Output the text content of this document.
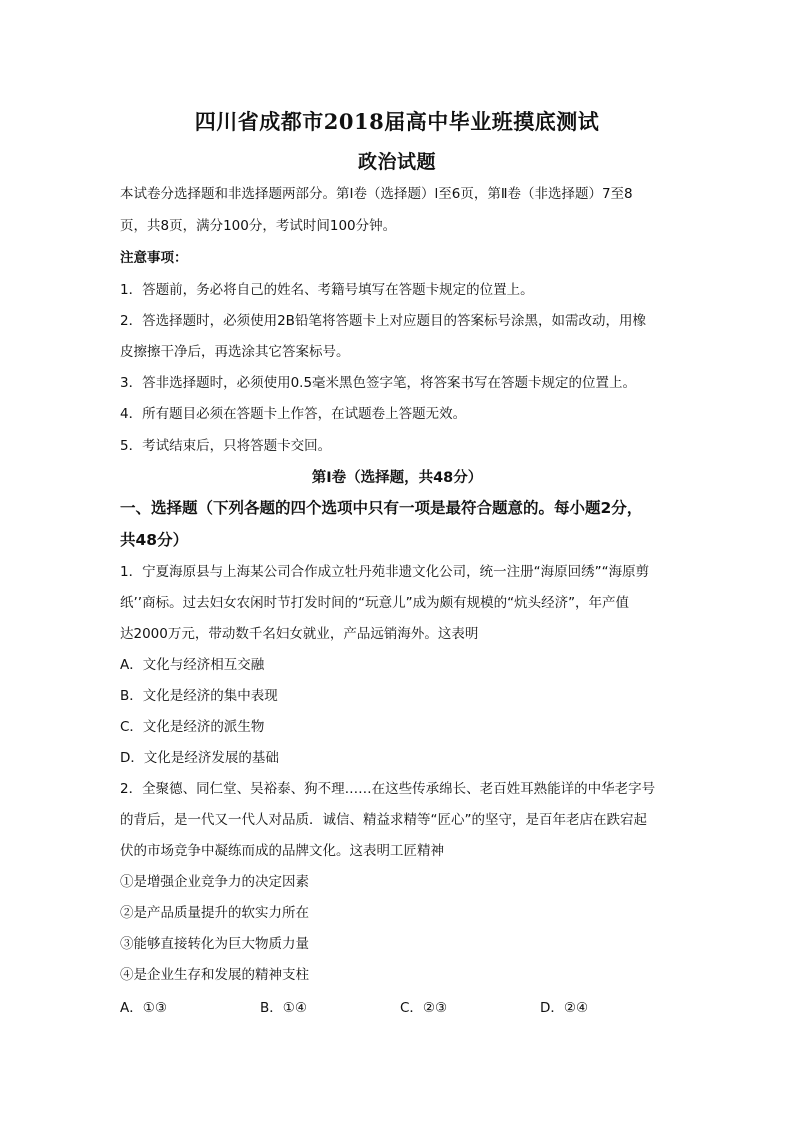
四川省成都市2018届高中毕业班摸底测试
政治试题
本试卷分选择题和非选择题两部分。第Ⅰ卷（选择题）l至6页，第Ⅱ卷（非选择题）7至8
页，共8页，满分100分，考试时间100分钟。
注意事项：
1．答题前，务必将自己的姓名、考籍号填写在答题卡规定的位置上。
2．答选择题时，必须使用2B铅笔将答题卡上对应题目的答案标号涂黑，如需改动，用橡
皮擦擦干净后，再选涂其它答案标号。
3．答非选择题时，必须使用0.5毫米黑色签字笔，将答案书写在答题卡规定的位置上。
4．所有题目必须在答题卡上作答，在试题卷上答题无效。
5．考试结束后，只将答题卡交回。
第Ⅰ卷（选择题，共48分）
一、选择题（下列各题的四个选项中只有一项是最符合题意的。每小题2分，
共48分）
1．宁夏海原县与上海某公司合作成立牡丹苑非遗文化公司，统一注册“海原回绣”“海原剪
纸’’商标。过去妇女农闲时节打发时间的“玩意儿”成为颇有规模的“炕头经济”，年产值
达2000万元，带动数千名妇女就业，产品远销海外。这表明
A．文化与经济相互交融
B．文化是经济的集中表现
C．文化是经济的派生物
D．文化是经济发展的基础
2．全聚德、同仁堂、吴裕泰、狗不理……在这些传承绵长、老百姓耳熟能详的中华老字号
的背后，是一代又一代人对品质．诚信、精益求精等“匠心”的坚守，是百年老店在跌宕起
伏的市场竞争中凝练而成的品牌文化。这表明工匠精神
①是增强企业竞争力的决定因素
②是产品质量提升的软实力所在
③能够直接转化为巨大物质力量
④是企业生存和发展的精神支柱
A．①③	B．①④	C．②③	D．②④
